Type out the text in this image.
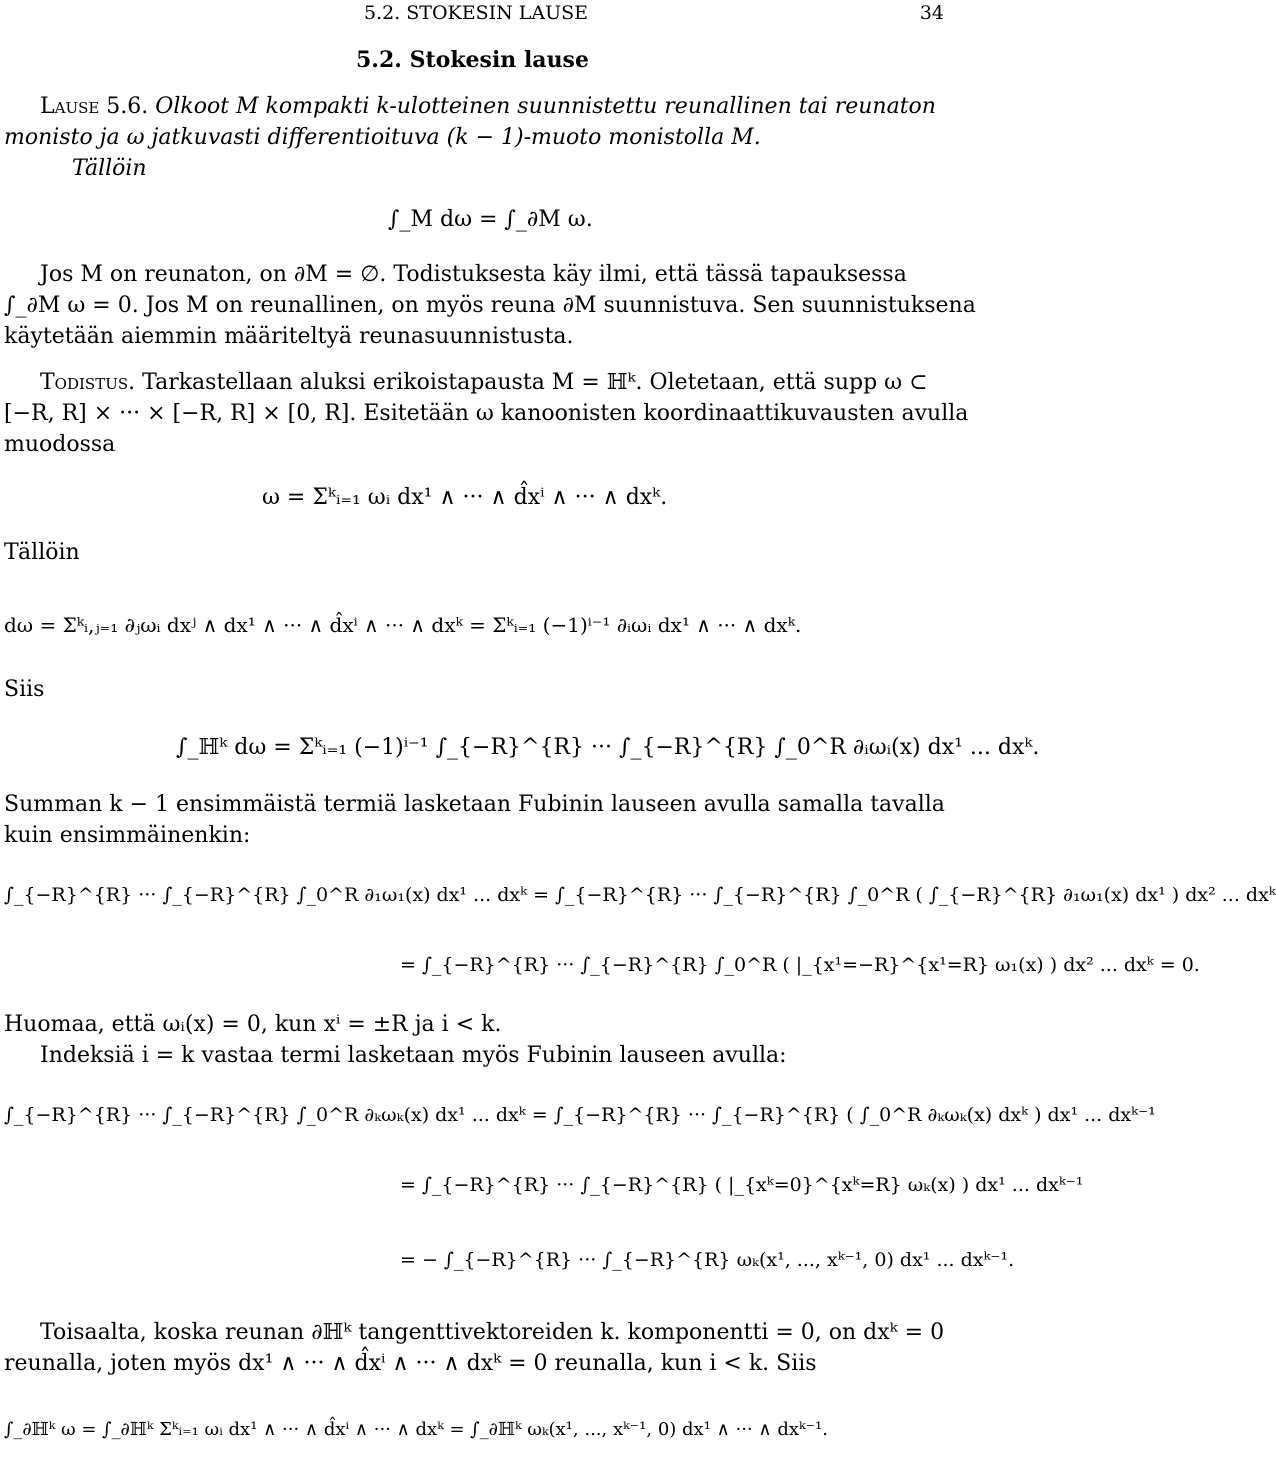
5.2. STOKESIN LAUSE	34
5.2. Stokesin lause
Lause 5.6. Olkoot M kompakti k-ulotteinen suunnistettu reunallinen tai reunaton
monisto ja ω jatkuvasti differentioituva (k − 1)-muoto monistolla M.
Tällöin
∫_M dω = ∫_∂M ω.
Jos M on reunaton, on ∂M = ∅. Todistuksesta käy ilmi, että tässä tapauksessa
∫_∂M ω = 0. Jos M on reunallinen, on myös reuna ∂M suunnistuva. Sen suunnistuksena
käytetään aiemmin määriteltyä reunasuunnistusta.
Todistus. Tarkastellaan aluksi erikoistapausta M = ℍᵏ. Oletetaan, että supp ω ⊂
[−R, R] × ··· × [−R, R] × [0, R]. Esitetään ω kanoonisten koordinaattikuvausten avulla
muodossa
ω = Σᵏᵢ₌₁ ωᵢ dx¹ ∧ ··· ∧ d̂xⁱ ∧ ··· ∧ dxᵏ.
Tällöin
dω = Σᵏᵢ,ⱼ₌₁ ∂ⱼωᵢ dxʲ ∧ dx¹ ∧ ··· ∧ d̂xⁱ ∧ ··· ∧ dxᵏ = Σᵏᵢ₌₁ (−1)ⁱ⁻¹ ∂ᵢωᵢ dx¹ ∧ ··· ∧ dxᵏ.
Siis
∫_ℍᵏ dω = Σᵏᵢ₌₁ (−1)ⁱ⁻¹ ∫_{−R}^{R} ··· ∫_{−R}^{R} ∫_0^R ∂ᵢωᵢ(x) dx¹ ... dxᵏ.
Summan k − 1 ensimmäistä termiä lasketaan Fubinin lauseen avulla samalla tavalla
kuin ensimmäinenkin:
∫_{−R}^{R} ··· ∫_{−R}^{R} ∫_0^R ∂₁ω₁(x) dx¹ ... dxᵏ = ∫_{−R}^{R} ··· ∫_{−R}^{R} ∫_0^R ( ∫_{−R}^{R} ∂₁ω₁(x) dx¹ ) dx² ... dxᵏ
= ∫_{−R}^{R} ··· ∫_{−R}^{R} ∫_0^R ( |_{x¹=−R}^{x¹=R} ω₁(x) ) dx² ... dxᵏ = 0.
Huomaa, että ωᵢ(x) = 0, kun xⁱ = ±R ja i < k.
Indeksiä i = k vastaa termi lasketaan myös Fubinin lauseen avulla:
∫_{−R}^{R} ··· ∫_{−R}^{R} ∫_0^R ∂ₖωₖ(x) dx¹ ... dxᵏ = ∫_{−R}^{R} ··· ∫_{−R}^{R} ( ∫_0^R ∂ₖωₖ(x) dxᵏ ) dx¹ ... dxᵏ⁻¹
= ∫_{−R}^{R} ··· ∫_{−R}^{R} ( |_{xᵏ=0}^{xᵏ=R} ωₖ(x) ) dx¹ ... dxᵏ⁻¹
= − ∫_{−R}^{R} ··· ∫_{−R}^{R} ωₖ(x¹, ..., xᵏ⁻¹, 0) dx¹ ... dxᵏ⁻¹.
Toisaalta, koska reunan ∂ℍᵏ tangenttivektoreiden k. komponentti = 0, on dxᵏ = 0
reunalla, joten myös dx¹ ∧ ··· ∧ d̂xⁱ ∧ ··· ∧ dxᵏ = 0 reunalla, kun i < k. Siis
∫_∂ℍᵏ ω = ∫_∂ℍᵏ Σᵏᵢ₌₁ ωᵢ dx¹ ∧ ··· ∧ d̂xⁱ ∧ ··· ∧ dxᵏ = ∫_∂ℍᵏ ωₖ(x¹, ..., xᵏ⁻¹, 0) dx¹ ∧ ··· ∧ dxᵏ⁻¹.
